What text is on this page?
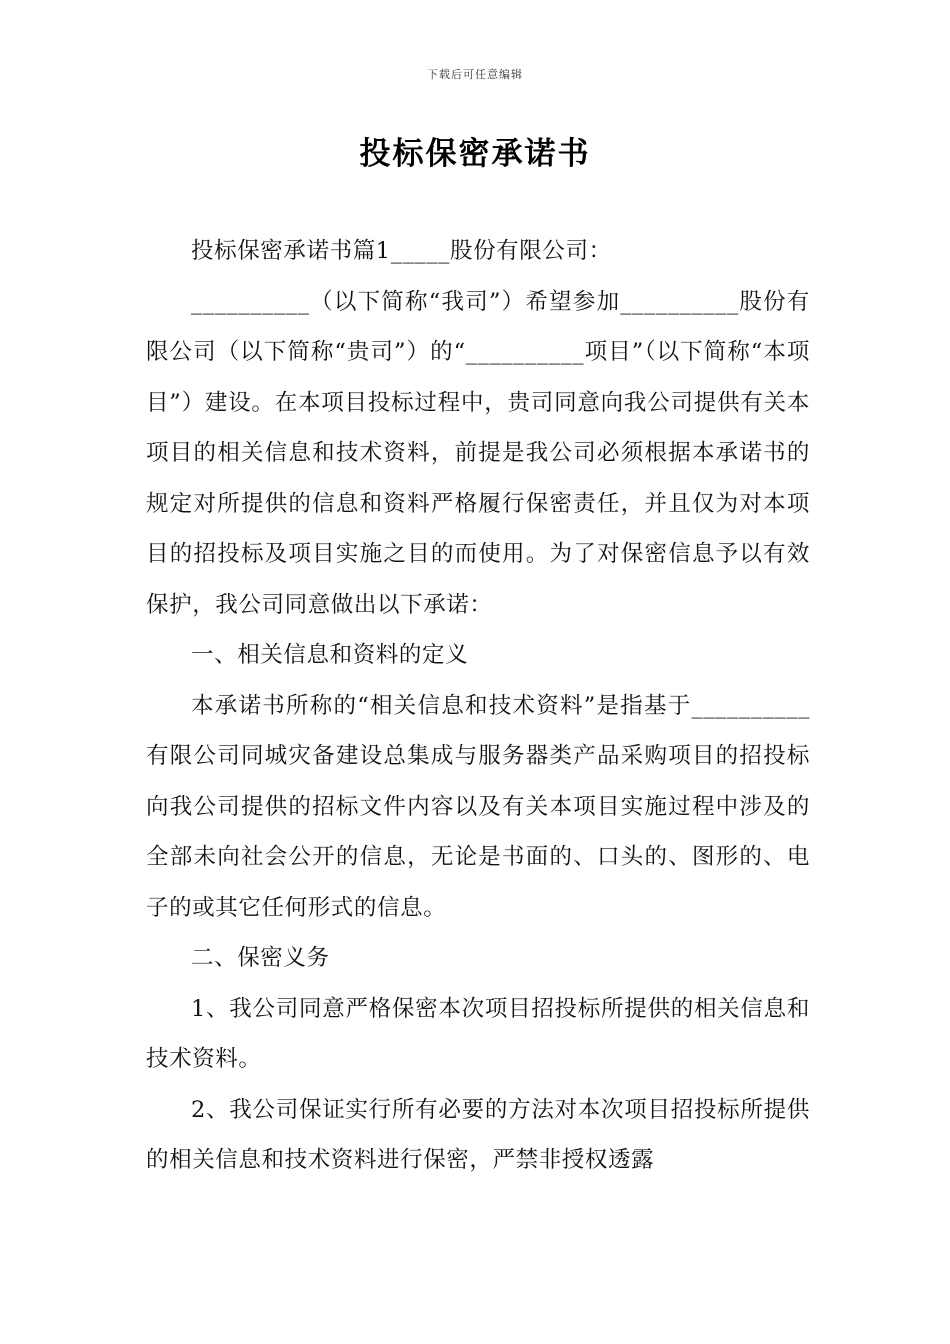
下载后可任意编辑
投标保密承诺书

投标保密承诺书篇1_____股份有限公司：

__________（以下简称“我司”）希望参加__________股份有限公司（以下简称“贵司”）的“__________项目”（以下简称“本项目”）建设。在本项目投标过程中，贵司同意向我公司提供有关本项目的相关信息和技术资料，前提是我公司必须根据本承诺书的规定对所提供的信息和资料严格履行保密责任，并且仅为对本项目的招投标及项目实施之目的而使用。为了对保密信息予以有效保护，我公司同意做出以下承诺：

一、相关信息和资料的定义

本承诺书所称的“相关信息和技术资料”是指基于__________有限公司同城灾备建设总集成与服务器类产品采购项目的招投标向我公司提供的招标文件内容以及有关本项目实施过程中涉及的全部未向社会公开的信息，无论是书面的、口头的、图形的、电子的或其它任何形式的信息。

二、保密义务

1、我公司同意严格保密本次项目招投标所提供的相关信息和技术资料。

2、我公司保证实行所有必要的方法对本次项目招投标所提供的相关信息和技术资料进行保密，严禁非授权透露
